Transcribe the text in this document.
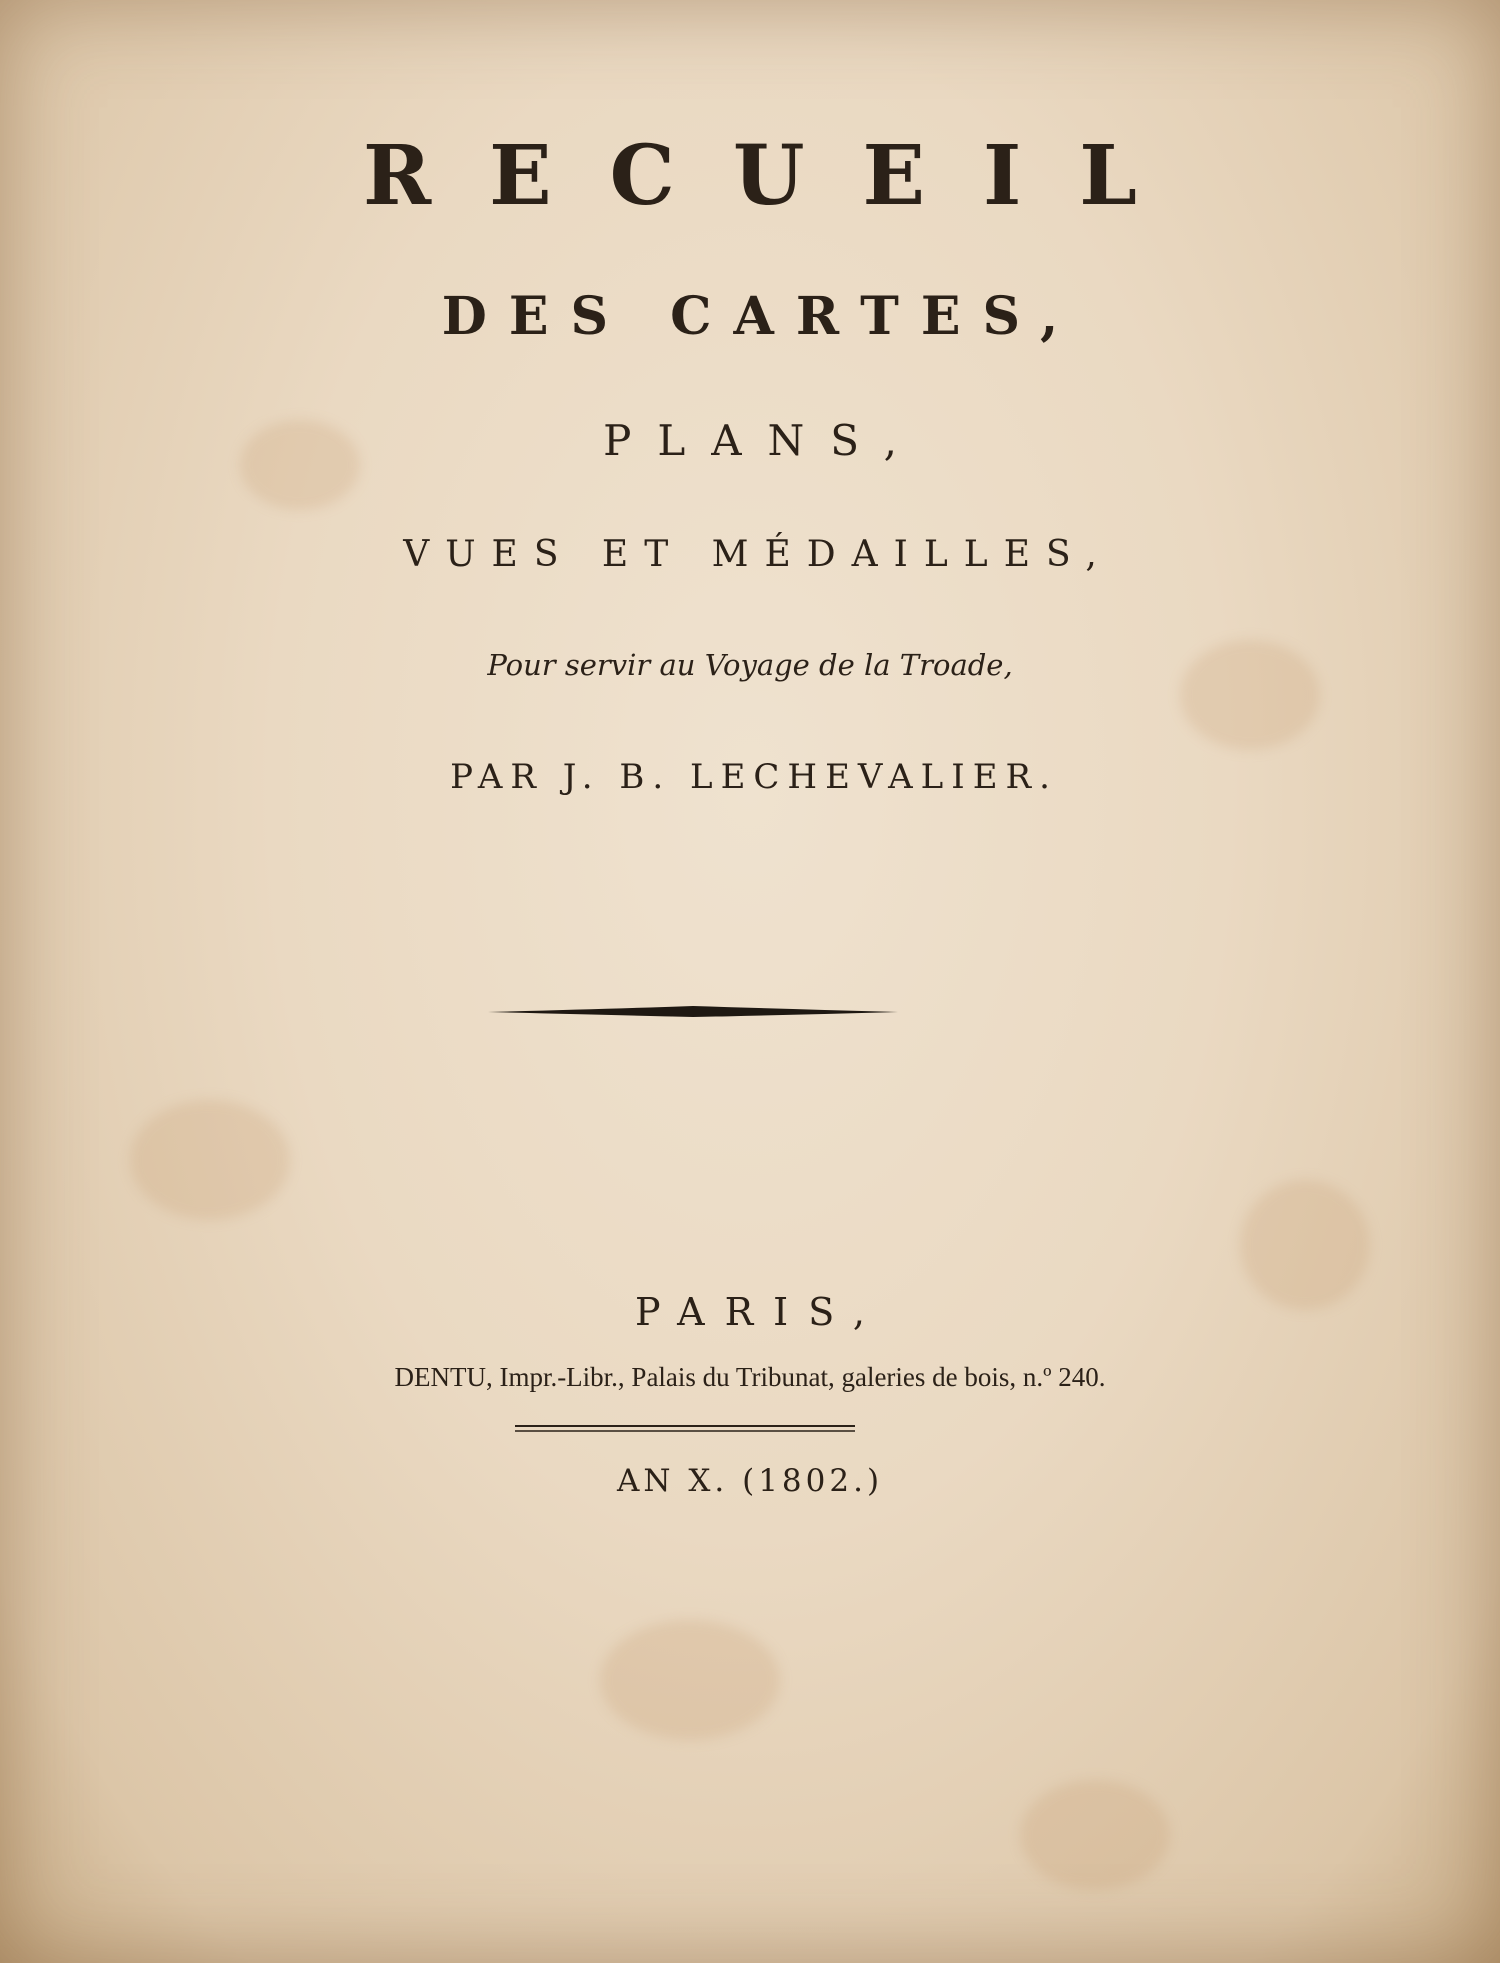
RECUEIL

DES CARTES,

PLANS,

VUES ET MÉDAILLES,

Pour servir au Voyage de la Troade,

PAR J. B. LECHEVALIER.

PARIS,

DENTU, Impr.-Libr., Palais du Tribunat, galeries de bois, n.º 240.

AN X. (1802.)
